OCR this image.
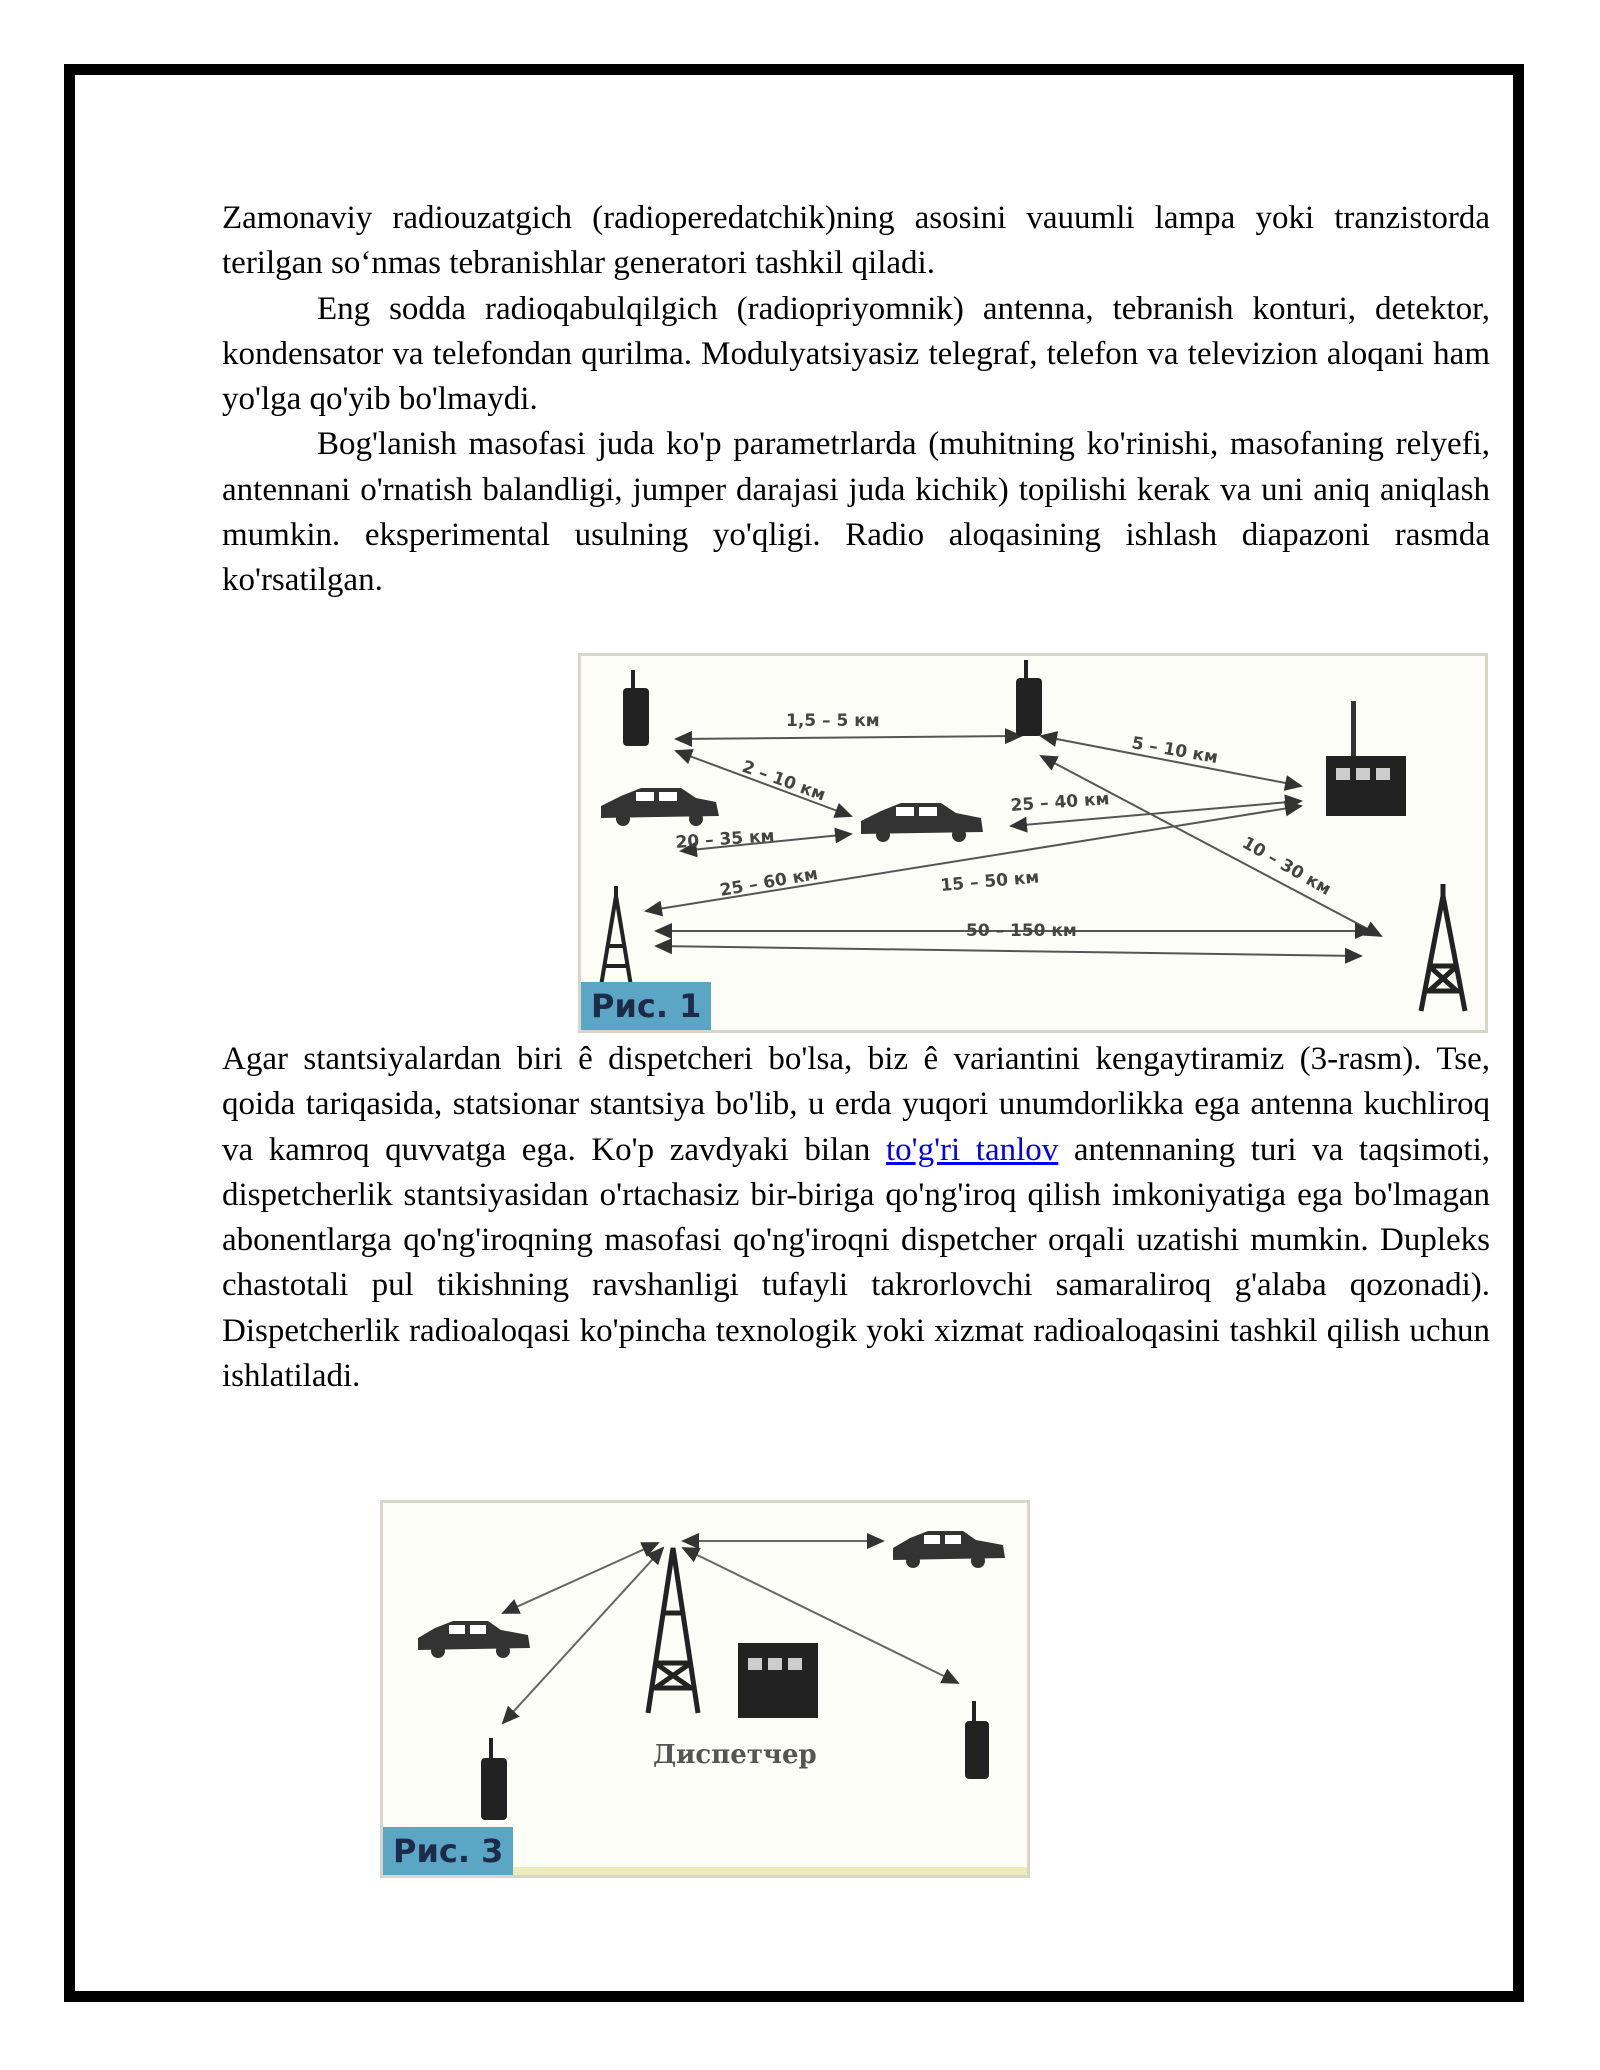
Zamonaviy radiouzatgich (radioperedatchik)ning asosini vauumli lampa yoki tranzistorda terilgan so‘nmas tebranishlar generatori tashkil qiladi.

Eng sodda radioqabulqilgich (radiopriyomnik) antenna, tebranish konturi, detektor, kondensator va telefondan qurilma. Modulyatsiyasiz telegraf, telefon va televizion aloqani ham yo'lga qo'yib bo'lmaydi.

Bog'lanish masofasi juda ko'p parametrlarda (muhitning ko'rinishi, masofaning relyefi, antennani o'rnatish balandligi, jumper darajasi juda kichik) topilishi kerak va uni aniq aniqlash mumkin. eksperimental usulning yo'qligi. Radio aloqasining ishlash diapazoni rasmda ko'rsatilgan.

1,5 – 5 км
5 – 10 км
2 – 10 км	25 – 40 км
20 – 35 км	10 – 30 км
25 – 60 км	15 – 50 км
50 – 150 км
Рис. 1

Agar stantsiyalardan biri ê dispetcheri bo'lsa, biz ê variantini kengaytiramiz (3-rasm). Tse, qoida tariqasida, statsionar stantsiya bo'lib, u erda yuqori unumdorlikka ega antenna kuchliroq va kamroq quvvatga ega. Ko'p zavdyaki bilan to'g'ri tanlov antennaning turi va taqsimoti, dispetcherlik stantsiyasidan o'rtachasiz bir-biriga qo'ng'iroq qilish imkoniyatiga ega bo'lmagan abonentlarga qo'ng'iroqning masofasi qo'ng'iroqni dispetcher orqali uzatishi mumkin. Dupleks chastotali pul tikishning ravshanligi tufayli takrorlovchi samaraliroq g'alaba qozonadi). Dispetcherlik radioaloqasi ko'pincha texnologik yoki xizmat radioaloqasini tashkil qilish uchun ishlatiladi.

Диспетчер
Рис. 3
